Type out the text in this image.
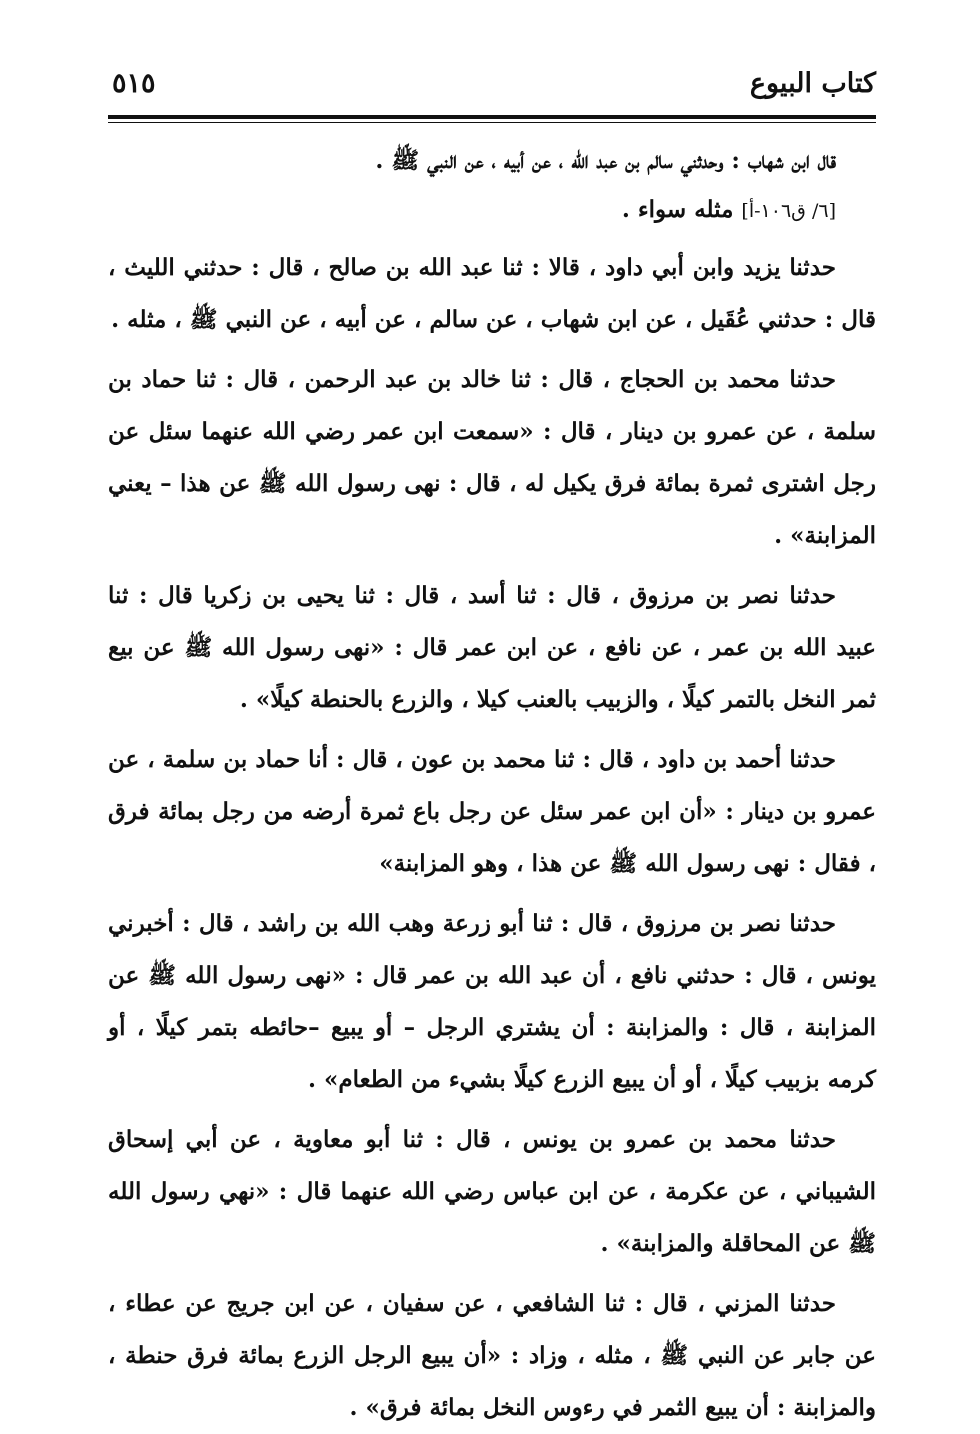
كتاب البيوع
٥١٥

قال ابن شهاب : وحدثني سالم بن عبد الله ، عن أبيه ، عن النبي ﷺ .

[٦/ ق١٠٦-أ] مثله سواء .

حدثنا يزيد وابن أبي داود ، قالا : ثنا عبد الله بن صالح ، قال : حدثني الليث ، قال : حدثني عُقَيل ، عن ابن شهاب ، عن سالم ، عن أبيه ، عن النبي ﷺ ، مثله .

حدثنا محمد بن الحجاج ، قال : ثنا خالد بن عبد الرحمن ، قال : ثنا حماد بن سلمة ، عن عمرو بن دينار ، قال : «سمعت ابن عمر رضي الله عنهما سئل عن رجل اشترى ثمرة بمائة فرق يكيل له ، قال : نهى رسول الله ﷺ عن هذا – يعني المزابنة» .

حدثنا نصر بن مرزوق ، قال : ثنا أسد ، قال : ثنا يحيى بن زكريا قال : ثنا عبيد الله بن عمر ، عن نافع ، عن ابن عمر قال : «نهى رسول الله ﷺ عن بيع ثمر النخل بالتمر كيلًا ، والزبيب بالعنب كيلا ، والزرع بالحنطة كيلًا» .

حدثنا أحمد بن داود ، قال : ثنا محمد بن عون ، قال : أنا حماد بن سلمة ، عن عمرو بن دينار : «أن ابن عمر سئل عن رجل باع ثمرة أرضه من رجل بمائة فرق ، فقال : نهى رسول الله ﷺ عن هذا ، وهو المزابنة»

حدثنا نصر بن مرزوق ، قال : ثنا أبو زرعة وهب الله بن راشد ، قال : أخبرني يونس ، قال : حدثني نافع ، أن عبد الله بن عمر قال : «نهى رسول الله ﷺ عن المزابنة ، قال : والمزابنة : أن يشتري الرجل – أو يبيع –حائطه بتمر كيلًا ، أو كرمه بزبيب كيلًا ، أو أن يبيع الزرع كيلًا بشيء من الطعام» .

حدثنا محمد بن عمرو بن يونس ، قال : ثنا أبو معاوية ، عن أبي إسحاق الشيباني ، عن عكرمة ، عن ابن عباس رضي الله عنهما قال : «نهي رسول الله ﷺ عن المحاقلة والمزابنة» .

حدثنا المزني ، قال : ثنا الشافعي ، عن سفيان ، عن ابن جريج عن عطاء ، عن جابر عن النبي ﷺ ، مثله ، وزاد : «أن يبيع الرجل الزرع بمائة فرق حنطة ، والمزابنة : أن يبيع الثمر في رءوس النخل بمائة فرق» .
